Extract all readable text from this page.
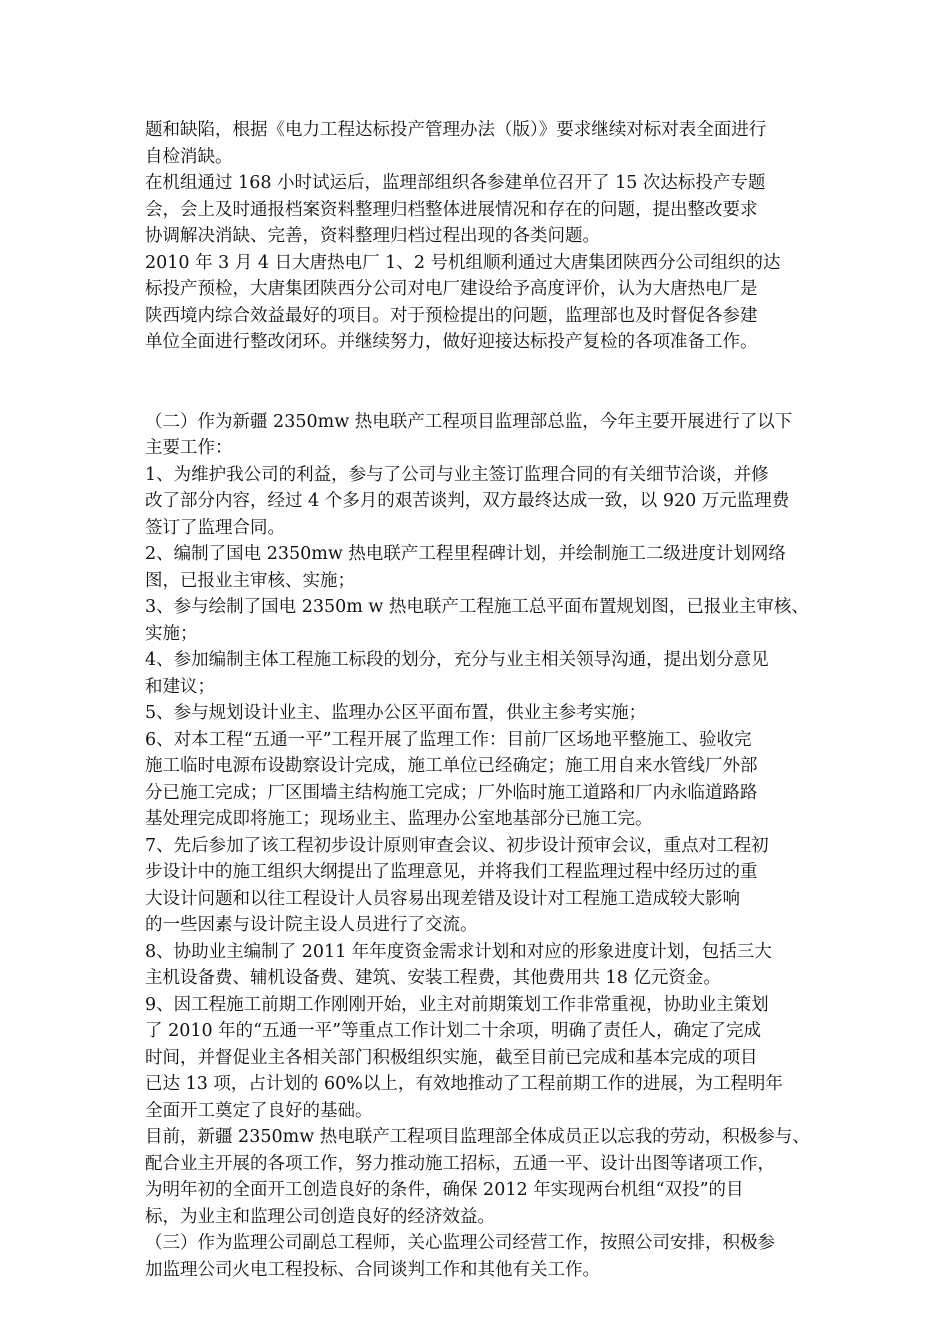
题和缺陷，根据《电力工程达标投产管理办法（版）》要求继续对标对表全面进行
自检消缺。
在机组通过 168 小时试运后，监理部组织各参建单位召开了 15 次达标投产专题
会，会上及时通报档案资料整理归档整体进展情况和存在的问题，提出整改要求
协调解决消缺、完善，资料整理归档过程出现的各类问题。
2010 年 3 月 4 日大唐热电厂 1、2 号机组顺利通过大唐集团陕西分公司组织的达
标投产预检，大唐集团陕西分公司对电厂建设给予高度评价，认为大唐热电厂是
陕西境内综合效益最好的项目。对于预检提出的问题，监理部也及时督促各参建
单位全面进行整改闭环。并继续努力，做好迎接达标投产复检的各项准备工作。
（二）作为新疆 2350mw 热电联产工程项目监理部总监，今年主要开展进行了以下
主要工作：
1、为维护我公司的利益，参与了公司与业主签订监理合同的有关细节洽谈，并修
改了部分内容，经过 4 个多月的艰苦谈判，双方最终达成一致，以 920 万元监理费
签订了监理合同。
2、编制了国电 2350mw 热电联产工程里程碑计划，并绘制施工二级进度计划网络
图，已报业主审核、实施；
3、参与绘制了国电 2350m w 热电联产工程施工总平面布置规划图，已报业主审核、
实施；
4、参加编制主体工程施工标段的划分，充分与业主相关领导沟通，提出划分意见
和建议；
5、参与规划设计业主、监理办公区平面布置，供业主参考实施；
6、对本工程“五通一平”工程开展了监理工作：目前厂区场地平整施工、验收完
施工临时电源布设勘察设计完成，施工单位已经确定；施工用自来水管线厂外部
分已施工完成；厂区围墙主结构施工完成；厂外临时施工道路和厂内永临道路路
基处理完成即将施工；现场业主、监理办公室地基部分已施工完。
7、先后参加了该工程初步设计原则审查会议、初步设计预审会议，重点对工程初
步设计中的施工组织大纲提出了监理意见，并将我们工程监理过程中经历过的重
大设计问题和以往工程设计人员容易出现差错及设计对工程施工造成较大影响
的一些因素与设计院主设人员进行了交流。
8、协助业主编制了 2011 年年度资金需求计划和对应的形象进度计划，包括三大
主机设备费、辅机设备费、建筑、安装工程费，其他费用共 18 亿元资金。
9、因工程施工前期工作刚刚开始，业主对前期策划工作非常重视，协助业主策划
了 2010 年的“五通一平”等重点工作计划二十余项，明确了责任人，确定了完成
时间，并督促业主各相关部门积极组织实施，截至目前已完成和基本完成的项目
已达 13 项，占计划的 60%以上，有效地推动了工程前期工作的进展，为工程明年
全面开工奠定了良好的基础。
目前，新疆 2350mw 热电联产工程项目监理部全体成员正以忘我的劳动，积极参与、
配合业主开展的各项工作，努力推动施工招标，五通一平、设计出图等诸项工作，
为明年初的全面开工创造良好的条件，确保 2012 年实现两台机组“双投”的目
标，为业主和监理公司创造良好的经济效益。
（三）作为监理公司副总工程师，关心监理公司经营工作，按照公司安排，积极参
加监理公司火电工程投标、合同谈判工作和其他有关工作。
